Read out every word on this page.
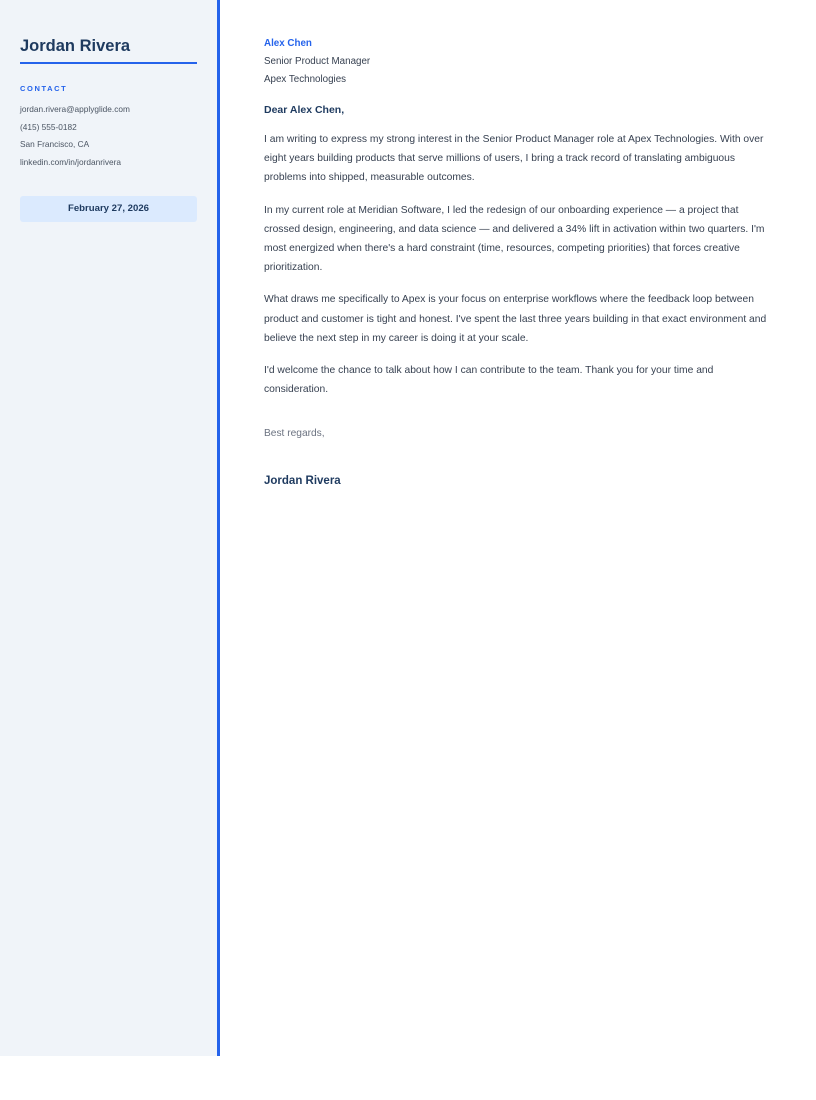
Jordan Rivera
CONTACT
jordan.rivera@applyglide.com
(415) 555-0182
San Francisco, CA
linkedin.com/in/jordanrivera
February 27, 2026
Alex Chen
Senior Product Manager
Apex Technologies
Dear Alex Chen,

I am writing to express my strong interest in the Senior Product Manager role at Apex Technologies. With over eight years building products that serve millions of users, I bring a track record of translating ambiguous problems into shipped, measurable outcomes.

In my current role at Meridian Software, I led the redesign of our onboarding experience — a project that crossed design, engineering, and data science — and delivered a 34% lift in activation within two quarters. I'm most energized when there's a hard constraint (time, resources, competing priorities) that forces creative prioritization.

What draws me specifically to Apex is your focus on enterprise workflows where the feedback loop between product and customer is tight and honest. I've spent the last three years building in that exact environment and believe the next step in my career is doing it at your scale.

I'd welcome the chance to talk about how I can contribute to the team. Thank you for your time and consideration.

Best regards,
Jordan Rivera
